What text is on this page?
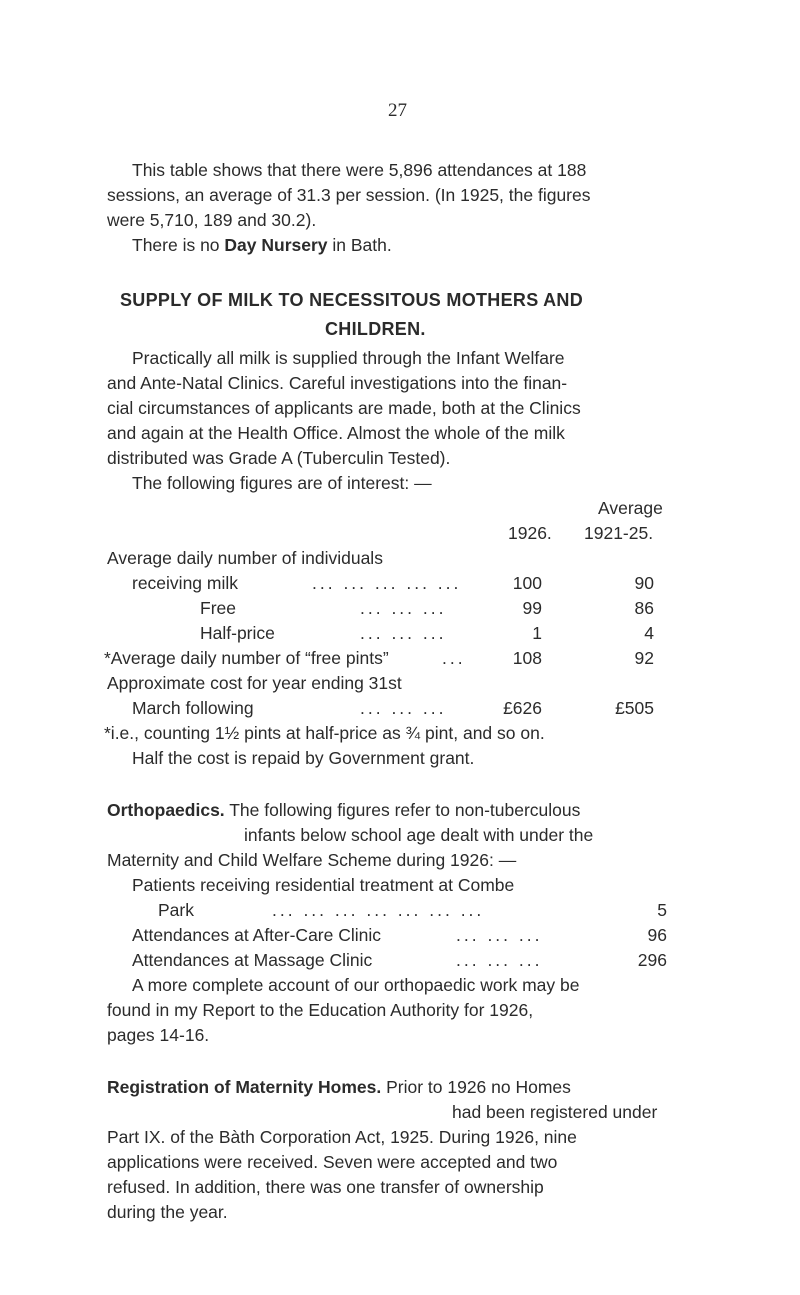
27
This table shows that there were 5,896 attendances at 188
sessions, an average of 31.3 per session. (In 1925, the figures
were 5,710, 189 and 30.2).
There is no Day Nursery in Bath.
SUPPLY OF MILK TO NECESSITOUS MOTHERS AND
CHILDREN.
Practically all milk is supplied through the Infant Welfare
and Ante-Natal Clinics. Careful investigations into the finan-
cial circumstances of applicants are made, both at the Clinics
and again at the Health Office. Almost the whole of the milk
distributed was Grade A (Tuberculin Tested).
The following figures are of interest: —
Average
1926. 1921-25.
Average daily number of individuals
receiving milk	... ... ... ... ...	100	90
Free	... ... ...	99	86
Half-price	... ... ...	1	4
*Average daily number of “free pints”	...	108	92
Approximate cost for year ending 31st
March following	... ... ...	£626	£505
*i.e., counting 1½ pints at half-price as ¾ pint, and so on.
Half the cost is repaid by Government grant.
Orthopaedics. The following figures refer to non-tuberculous
infants below school age dealt with under the
Maternity and Child Welfare Scheme during 1926: —
Patients receiving residential treatment at Combe
Park	... ... ... ... ... ... ...	5
Attendances at After-Care Clinic	... ... ...	96
Attendances at Massage Clinic	... ... ...	296
A more complete account of our orthopaedic work may be
found in my Report to the Education Authority for 1926,
pages 14-16.
Registration of Maternity Homes. Prior to 1926 no Homes
had been registered under
Part IX. of the Bàth Corporation Act, 1925. During 1926, nine
applications were received. Seven were accepted and two
refused. In addition, there was one transfer of ownership
during the year.
